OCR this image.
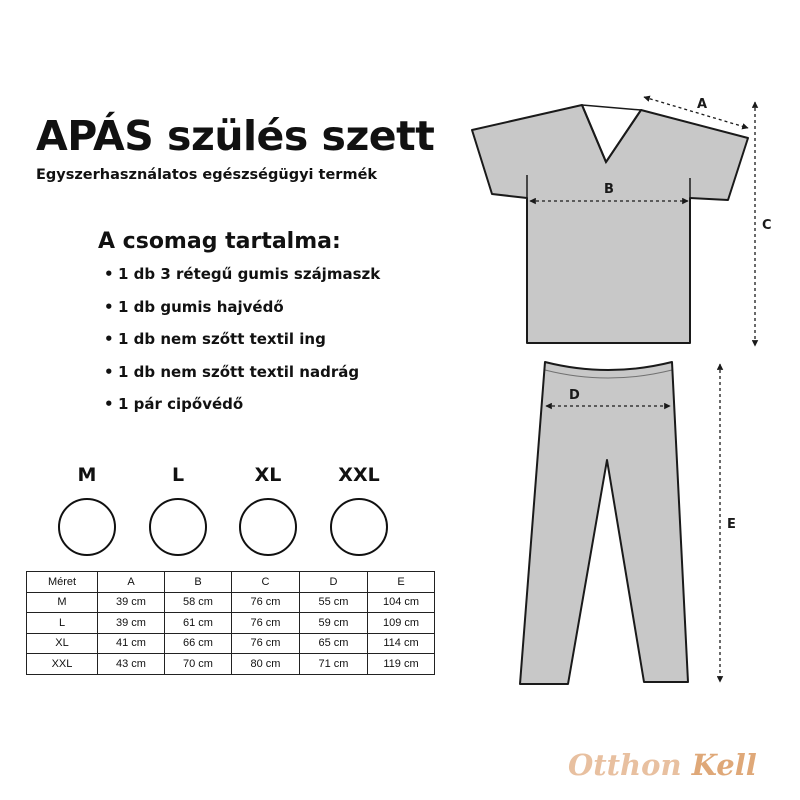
APÁS szülés szett
Egyszerhasználatos egészségügyi termék
A csomag tartalma:
• 1 db 3 rétegű gumis szájmaszk
• 1 db gumis hajvédő
• 1 db nem szőtt textil ing
• 1 db nem szőtt textil nadrág
• 1 pár cipővédő
M	L	XL	XXL
Méret	A	B	C	D	E
M	39 cm	58 cm	76 cm	55 cm	104 cm
L	39 cm	61 cm	76 cm	59 cm	109 cm
XL	41 cm	66 cm	76 cm	65 cm	114 cm
XXL	43 cm	70 cm	80 cm	71 cm	119 cm
A
B
C
D
E
Otthon Kell
